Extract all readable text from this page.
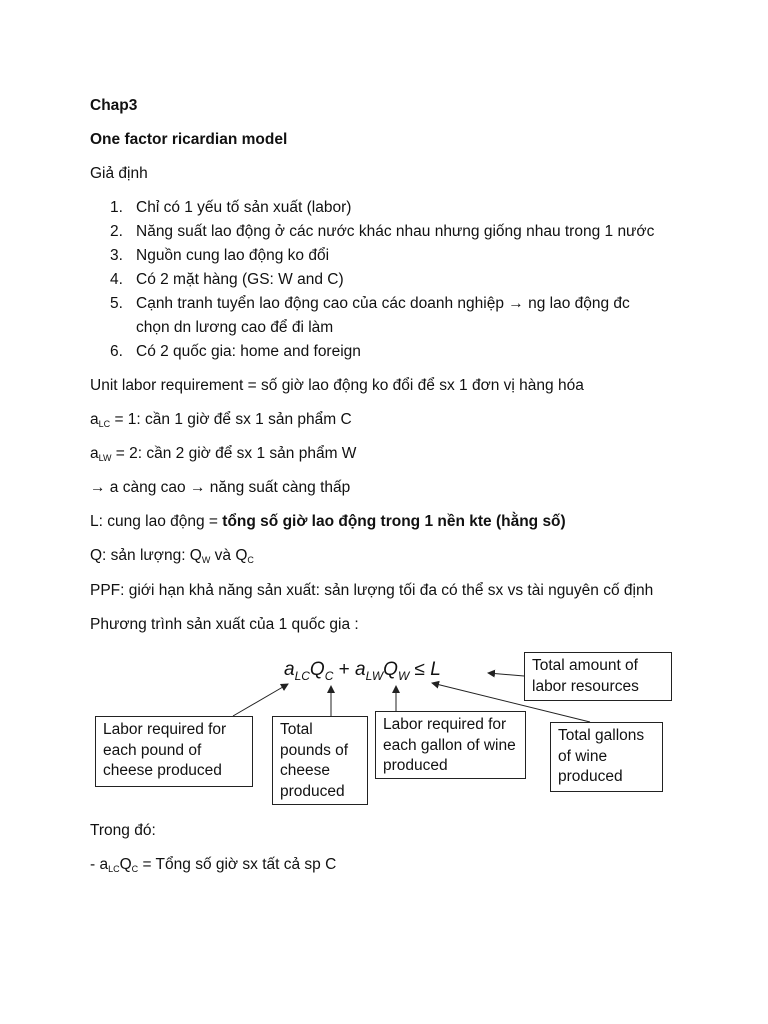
Chap3
One factor ricardian model
Giả định
1. Chỉ có 1 yếu tố sản xuất (labor)
2. Năng suất lao động ở các nước khác nhau nhưng giống nhau trong 1 nước
3. Nguồn cung lao động ko đổi
4. Có 2 mặt hàng (GS: W and C)
5. Cạnh tranh tuyển lao động cao của các doanh nghiệp → ng lao động đc
chọn dn lương cao để đi làm
6. Có 2 quốc gia: home and foreign
Unit labor requirement = số giờ lao động ko đổi để sx 1 đơn vị hàng hóa
$a_{LC} = 1$: cần 1 giờ để sx 1 sản phẩm C
$a_{LW} = 2$: cần 2 giờ để sx 1 sản phẩm W
→ a càng cao → năng suất càng thấp
L: cung lao động = tổng số giờ lao động trong 1 nền kte (hằng số)
Q: sản lượng: $Q_W$ và $Q_C$
PPF: giới hạn khả năng sản xuất: sản lượng tối đa có thể sx vs tài nguyên cố định
Phương trình sản xuất của 1 quốc gia :
Trong đó:
- $a_{LC}Q_C$ = Tổng số giờ sx tất cả sp C
$a_{LC}Q_C + a_{LW}Q_W \le L$	Total amount of labor resources
Labor required for each pound of cheese produced
Total pounds of cheese produced
Labor required for each gallon of wine produced
Total gallons of wine produced
